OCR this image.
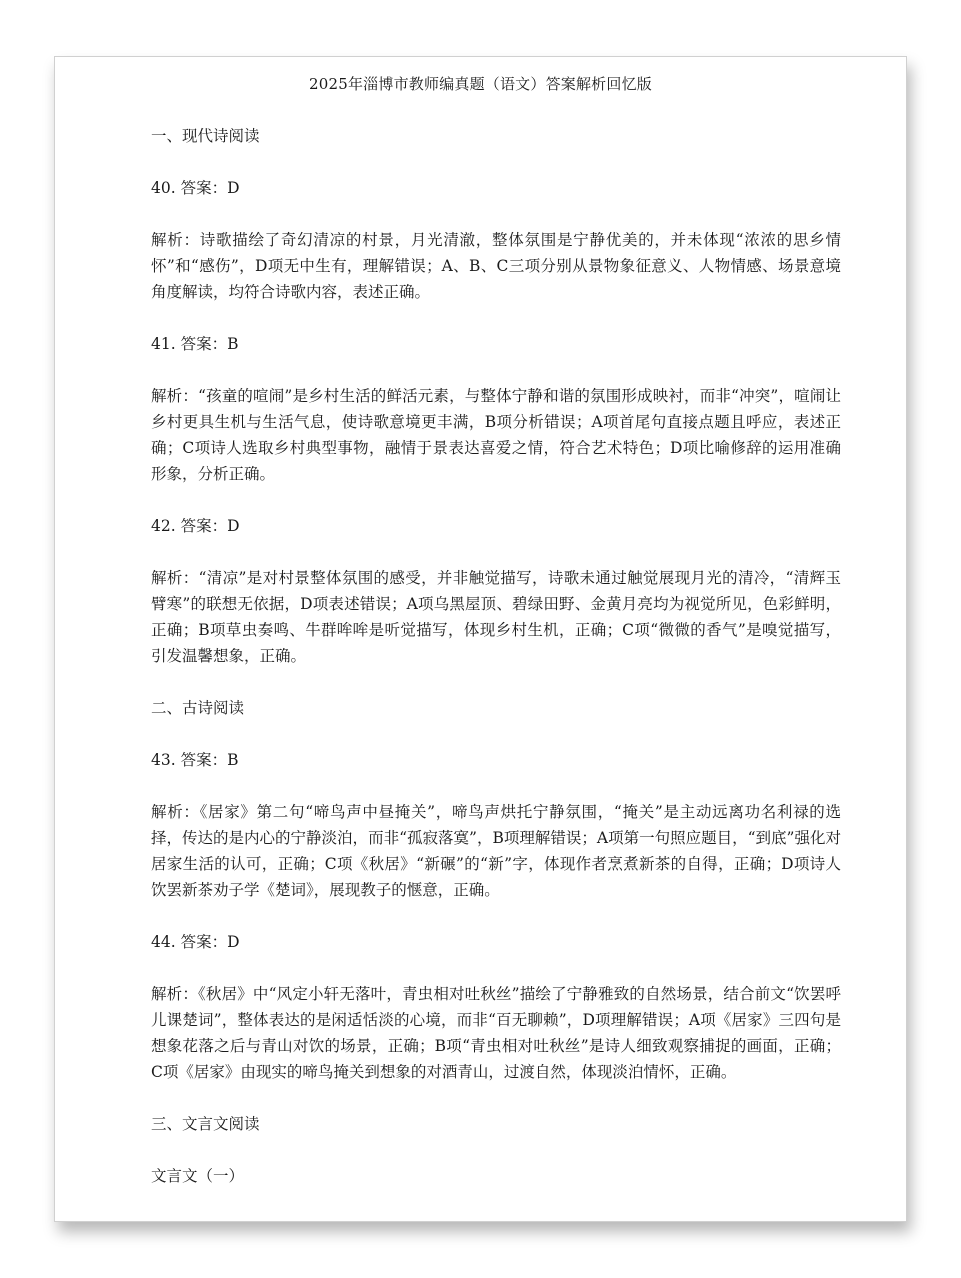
2025年淄博市教师编真题（语文）答案解析回忆版

一、现代诗阅读

40. 答案：D

解析：诗歌描绘了奇幻清凉的村景，月光清澈，整体氛围是宁静优美的，并未体现“浓浓的思乡情怀”和“感伤”，D项无中生有，理解错误；A、B、C三项分别从景物象征意义、人物情感、场景意境角度解读，均符合诗歌内容，表述正确。

41. 答案：B

解析：“孩童的喧闹”是乡村生活的鲜活元素，与整体宁静和谐的氛围形成映衬，而非“冲突”，喧闹让乡村更具生机与生活气息，使诗歌意境更丰满，B项分析错误；A项首尾句直接点题且呼应，表述正确；C项诗人选取乡村典型事物，融情于景表达喜爱之情，符合艺术特色；D项比喻修辞的运用准确形象，分析正确。

42. 答案：D

解析：“清凉”是对村景整体氛围的感受，并非触觉描写，诗歌未通过触觉展现月光的清冷，“清辉玉臂寒”的联想无依据，D项表述错误；A项乌黑屋顶、碧绿田野、金黄月亮均为视觉所见，色彩鲜明，正确；B项草虫奏鸣、牛群哞哞是听觉描写，体现乡村生机，正确；C项“微微的香气”是嗅觉描写，引发温馨想象，正确。

二、古诗阅读

43. 答案：B

解析：《居家》第二句“啼鸟声中昼掩关”，啼鸟声烘托宁静氛围，“掩关”是主动远离功名利禄的选择，传达的是内心的宁静淡泊，而非“孤寂落寞”，B项理解错误；A项第一句照应题目，“到底”强化对居家生活的认可，正确；C项《秋居》“新碾”的“新”字，体现作者烹煮新茶的自得，正确；D项诗人饮罢新茶劝子学《楚词》，展现教子的惬意，正确。

44. 答案：D

解析：《秋居》中“风定小轩无落叶，青虫相对吐秋丝”描绘了宁静雅致的自然场景，结合前文“饮罢呼儿课楚词”，整体表达的是闲适恬淡的心境，而非“百无聊赖”，D项理解错误；A项《居家》三四句是想象花落之后与青山对饮的场景，正确；B项“青虫相对吐秋丝”是诗人细致观察捕捉的画面，正确；C项《居家》由现实的啼鸟掩关到想象的对酒青山，过渡自然，体现淡泊情怀，正确。

三、文言文阅读

文言文（一）
